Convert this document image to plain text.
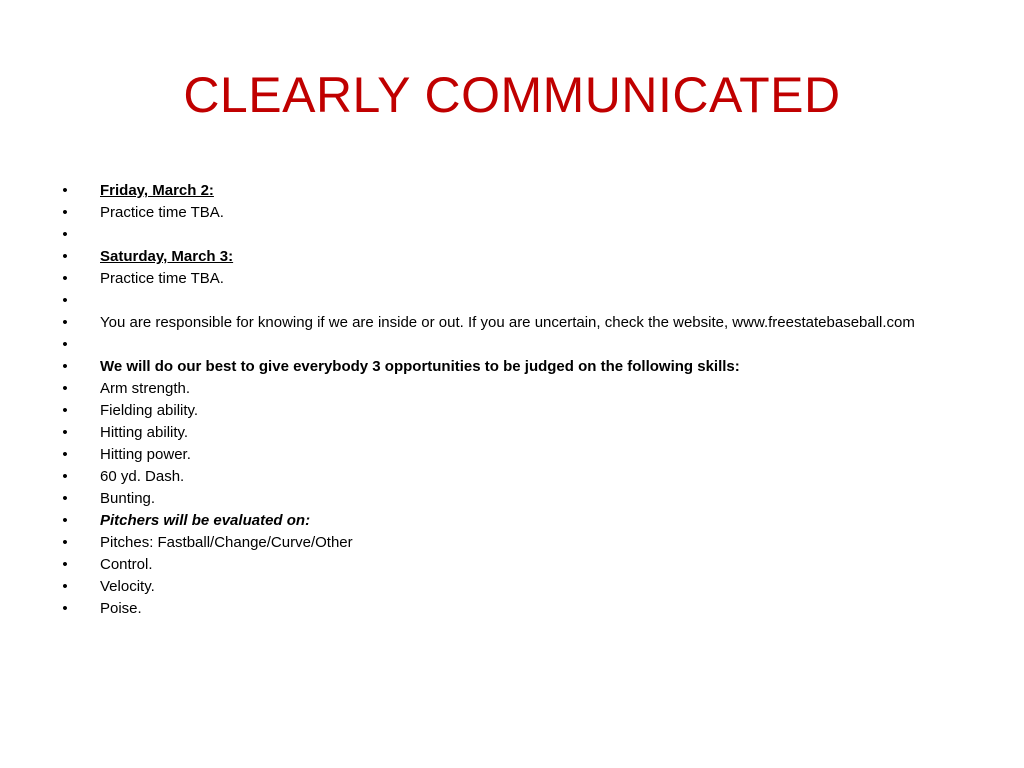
CLEARLY COMMUNICATED
• Friday, March 2:
• Practice time TBA.
•
• Saturday, March 3:
• Practice time TBA.
•
• You are responsible for knowing if we are inside or out. If you are uncertain, check the website, www.freestatebaseball.com
•
• We will do our best to give everybody 3 opportunities to be judged on the following skills:
• Arm strength.
• Fielding ability.
• Hitting ability.
• Hitting power.
• 60 yd. Dash.
• Bunting.
• Pitchers will be evaluated on:
• Pitches: Fastball/Change/Curve/Other
• Control.
• Velocity.
• Poise.
